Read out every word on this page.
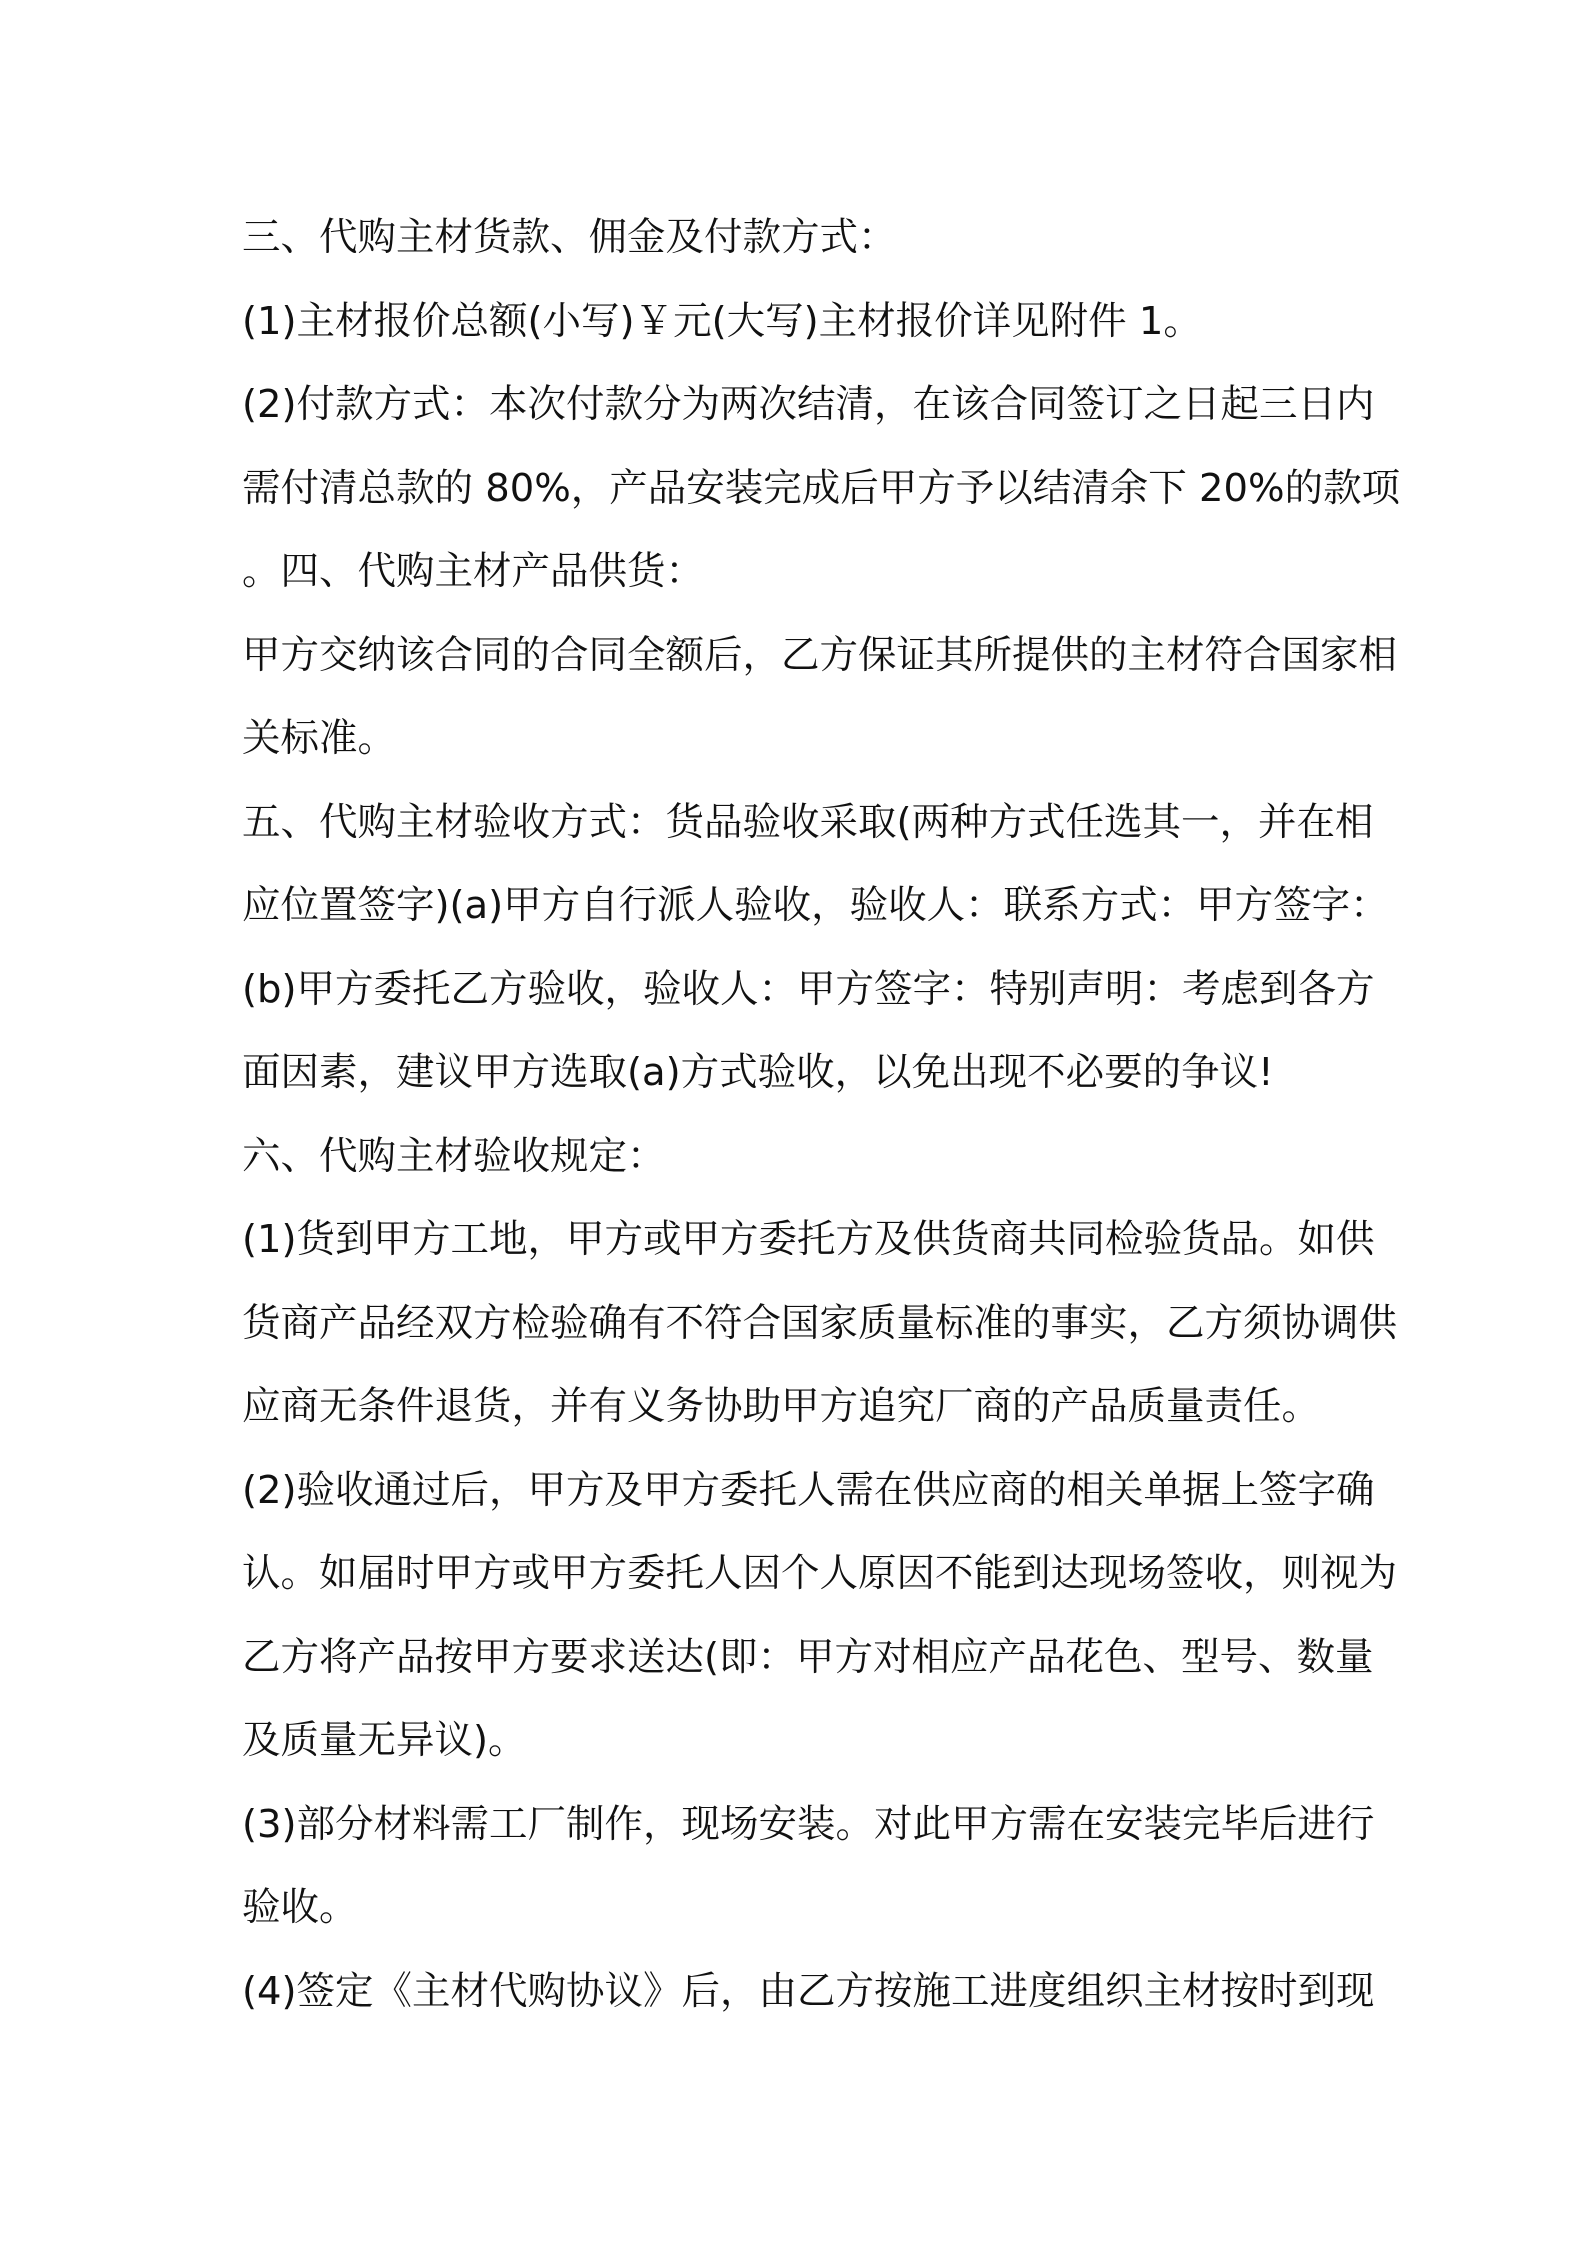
三、代购主材货款、佣金及付款方式：
(1)主材报价总额(小写)￥元(大写)主材报价详见附件 1。
(2)付款方式：本次付款分为两次结清，在该合同签订之日起三日内
需付清总款的 80%，产品安装完成后甲方予以结清余下 20%的款项
。四、代购主材产品供货：
甲方交纳该合同的合同全额后，乙方保证其所提供的主材符合国家相
关标准。
五、代购主材验收方式：货品验收采取(两种方式任选其一，并在相
应位置签字)(a)甲方自行派人验收，验收人：联系方式：甲方签字：
(b)甲方委托乙方验收，验收人：甲方签字：特别声明：考虑到各方
面因素，建议甲方选取(a)方式验收，以免出现不必要的争议!
六、代购主材验收规定：
(1)货到甲方工地，甲方或甲方委托方及供货商共同检验货品。如供
货商产品经双方检验确有不符合国家质量标准的事实，乙方须协调供
应商无条件退货，并有义务协助甲方追究厂商的产品质量责任。
(2)验收通过后，甲方及甲方委托人需在供应商的相关单据上签字确
认。如届时甲方或甲方委托人因个人原因不能到达现场签收，则视为
乙方将产品按甲方要求送达(即：甲方对相应产品花色、型号、数量
及质量无异议)。
(3)部分材料需工厂制作，现场安装。对此甲方需在安装完毕后进行
验收。
(4)签定《主材代购协议》后，由乙方按施工进度组织主材按时到现
